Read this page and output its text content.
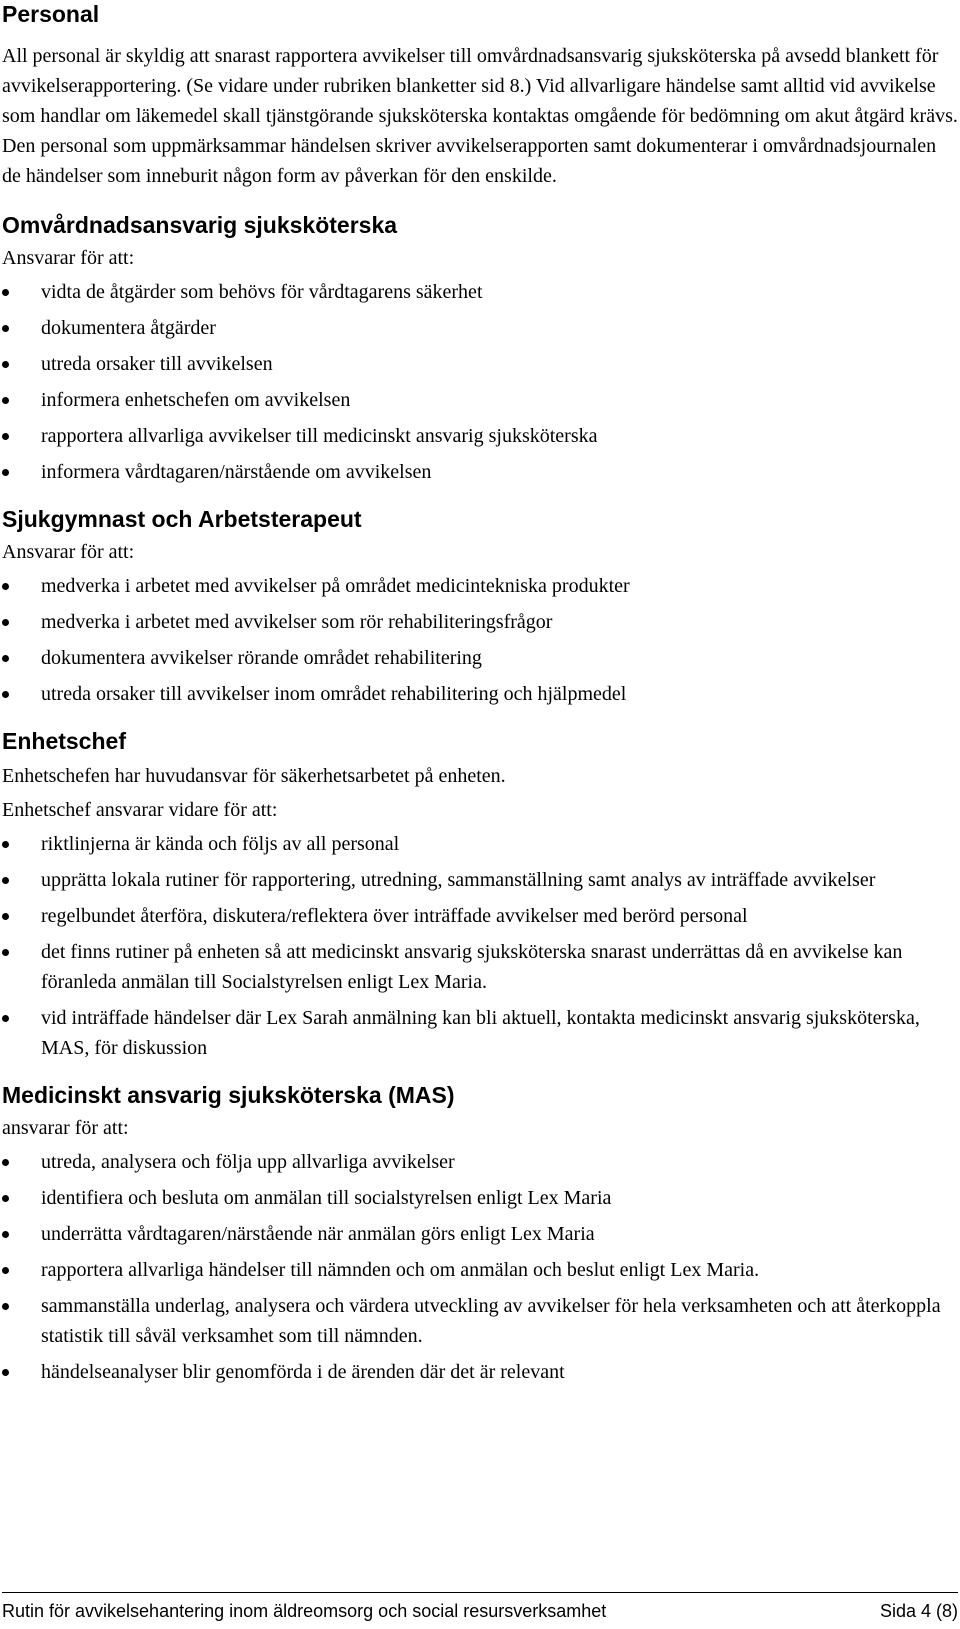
Personal

All personal är skyldig att snarast rapportera avvikelser till omvårdnadsansvarig sjuksköterska på avsedd blankett för avvikelserapportering. (Se vidare under rubriken blanketter sid 8.) Vid allvarligare händelse samt alltid vid avvikelse som handlar om läkemedel skall tjänstgörande sjuksköterska kontaktas omgående för bedömning om akut åtgärd krävs. Den personal som uppmärksammar händelsen skriver avvikelserapporten samt dokumenterar i omvårdnadsjournalen de händelser som inneburit någon form av påverkan för den enskilde.

Omvårdnadsansvarig sjuksköterska

Ansvarar för att:

vidta de åtgärder som behövs för vårdtagarens säkerhet
dokumentera åtgärder
utreda orsaker till avvikelsen
informera enhetschefen om avvikelsen
rapportera allvarliga avvikelser till medicinskt ansvarig sjuksköterska
informera vårdtagaren/närstående om avvikelsen
Sjukgymnast och Arbetsterapeut

Ansvarar för att:

medverka i arbetet med avvikelser på området medicintekniska produkter
medverka i arbetet med avvikelser som rör rehabiliteringsfrågor
dokumentera avvikelser rörande området rehabilitering
utreda orsaker till avvikelser inom området rehabilitering och hjälpmedel
Enhetschef

Enhetschefen har huvudansvar för säkerhetsarbetet på enheten.

Enhetschef ansvarar vidare för att:

riktlinjerna är kända och följs av all personal
upprätta lokala rutiner för rapportering, utredning, sammanställning samt analys av inträffade avvikelser
regelbundet återföra, diskutera/reflektera över inträffade avvikelser med berörd personal
det finns rutiner på enheten så att medicinskt ansvarig sjuksköterska snarast underrättas då en avvikelse kan föranleda anmälan till Socialstyrelsen enligt Lex Maria.
vid inträffade händelser där Lex Sarah anmälning kan bli aktuell, kontakta medicinskt ansvarig sjuksköterska, MAS, för diskussion
Medicinskt ansvarig sjuksköterska (MAS)

ansvarar för att:

utreda, analysera och följa upp allvarliga avvikelser
identifiera och besluta om anmälan till socialstyrelsen enligt Lex Maria
underrätta vårdtagaren/närstående när anmälan görs enligt Lex Maria
rapportera allvarliga händelser till nämnden och om anmälan och beslut enligt Lex Maria.
sammanställa underlag, analysera och värdera utveckling av avvikelser för hela verksamheten och att återkoppla statistik till såväl verksamhet som till nämnden.
händelseanalyser blir genomförda i de ärenden där det är relevant
Rutin för avvikelsehantering inom äldreomsorg och social resursverksamhet	Sida 4 (8)
